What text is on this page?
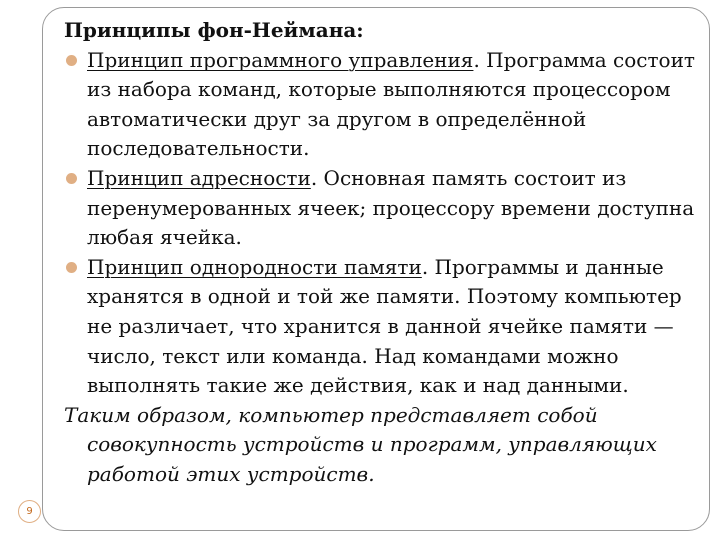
Принципы фон-Неймана:

Принцип программного управления. Программа состоит из набора команд, которые выполняются процессором автоматически друг за другом в определённой последовательности.

Принцип адресности. Основная память состоит из перенумерованных ячеек; процессору времени доступна любая ячейка.

Принцип однородности памяти. Программы и данные хранятся в одной и той же памяти. Поэтому компьютер не различает, что хранится в данной ячейке памяти — число, текст или команда. Над командами можно выполнять такие же действия, как и над данными.

Таким образом, компьютер представляет собой совокупность устройств и программ, управляющих работой этих устройств.

9
